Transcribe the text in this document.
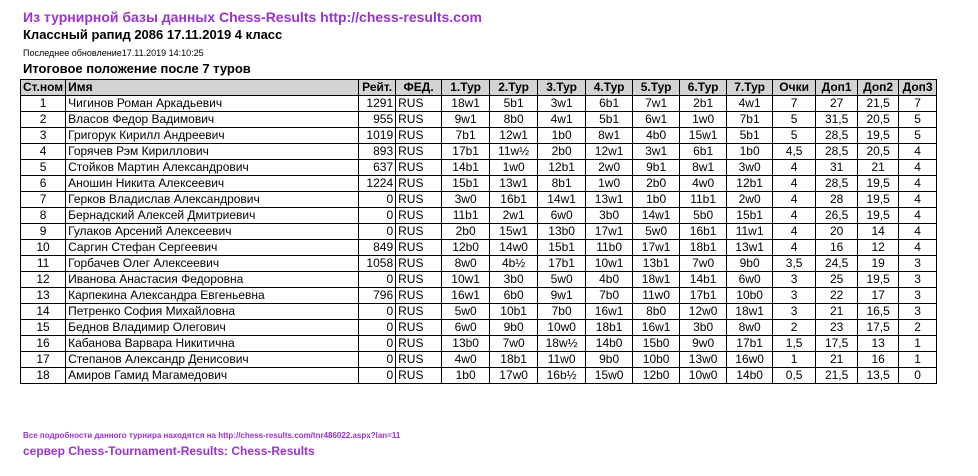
Из турнирной базы данных Chess-Results http://chess-results.com
Классный рапид 2086 17.11.2019 4 класс
Последнее обновление17.11.2019 14:10:25
Итоговое положение после 7 туров
Ст.ном	Имя	Рейт.	ФЕД.	1.Тур	2.Тур	3.Тур	4.Тур	5.Тур	6.Тур	7.Тур	Очки	Доп1	Доп2	Доп3
1	Чигинов Роман Аркадьевич	1291	RUS	18w1	5b1	3w1	6b1	7w1	2b1	4w1	7	27	21,5	7
2	Власов Федор Вадимович	955	RUS	9w1	8b0	4w1	5b1	6w1	1w0	7b1	5	31,5	20,5	5
3	Григорук Кирилл Андреевич	1019	RUS	7b1	12w1	1b0	8w1	4b0	15w1	5b1	5	28,5	19,5	5
4	Горячев Рэм Кириллович	893	RUS	17b1	11w½	2b0	12w1	3w1	6b1	1b0	4,5	28,5	20,5	4
5	Стойков Мартин Александрович	637	RUS	14b1	1w0	12b1	2w0	9b1	8w1	3w0	4	31	21	4
6	Аношин Никита Алексеевич	1224	RUS	15b1	13w1	8b1	1w0	2b0	4w0	12b1	4	28,5	19,5	4
7	Герков Владислав Александрович	0	RUS	3w0	16b1	14w1	13w1	1b0	11b1	2w0	4	28	19,5	4
8	Бернадский Алексей Дмитриевич	0	RUS	11b1	2w1	6w0	3b0	14w1	5b0	15b1	4	26,5	19,5	4
9	Гулаков Арсений Алексеевич	0	RUS	2b0	15w1	13b0	17w1	5w0	16b1	11w1	4	20	14	4
10	Саргин Стефан Сергеевич	849	RUS	12b0	14w0	15b1	11b0	17w1	18b1	13w1	4	16	12	4
11	Горбачев Олег Алексеевич	1058	RUS	8w0	4b½	17b1	10w1	13b1	7w0	9b0	3,5	24,5	19	3
12	Иванова Анастасия Федоровна	0	RUS	10w1	3b0	5w0	4b0	18w1	14b1	6w0	3	25	19,5	3
13	Карпекина Александра Евгеньевна	796	RUS	16w1	6b0	9w1	7b0	11w0	17b1	10b0	3	22	17	3
14	Петренко София Михайловна	0	RUS	5w0	10b1	7b0	16w1	8b0	12w0	18w1	3	21	16,5	3
15	Беднов Владимир Олегович	0	RUS	6w0	9b0	10w0	18b1	16w1	3b0	8w0	2	23	17,5	2
16	Кабанова Варвара Никитична	0	RUS	13b0	7w0	18w½	14b0	15b0	9w0	17b1	1,5	17,5	13	1
17	Степанов Александр Денисович	0	RUS	4w0	18b1	11w0	9b0	10b0	13w0	16w0	1	21	16	1
18	Амиров Гамид Магамедович	0	RUS	1b0	17w0	16b½	15w0	12b0	10w0	14b0	0,5	21,5	13,5	0
Все подробности данного турнира находятся на http://chess-results.com/tnr486022.aspx?lan=11
сервер Chess-Tournament-Results: Chess-Results
